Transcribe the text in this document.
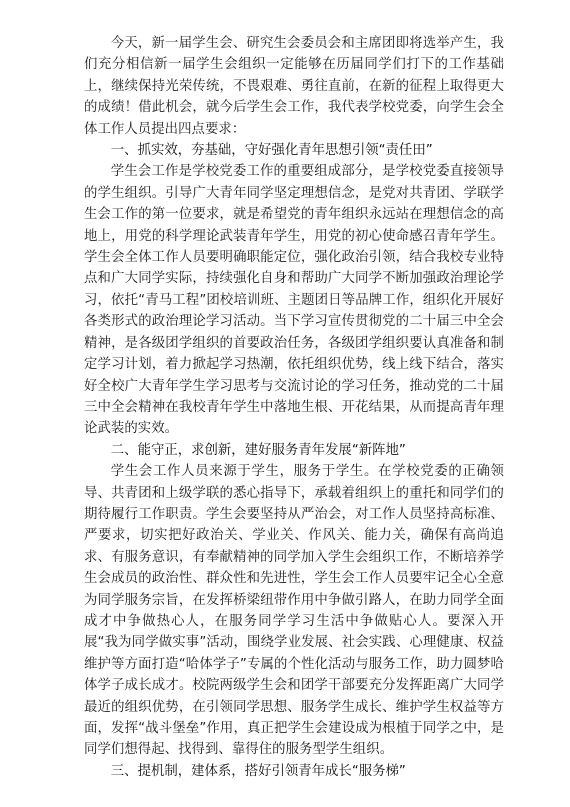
今天，新一届学生会、研究生会委员会和主席团即将选举产生，我们充分相信新一届学生会组织一定能够在历届同学们打下的工作基础上，继续保持光荣传统，不畏艰难、勇往直前，在新的征程上取得更大的成绩！借此机会，就今后学生会工作，我代表学校党委，向学生会全体工作人员提出四点要求：

一、抓实效，夯基础，守好强化青年思想引领“责任田”

学生会工作是学校党委工作的重要组成部分，是学校党委直接领导的学生组织。引导广大青年同学坚定理想信念，是党对共青团、学联学生会工作的第一位要求，就是希望党的青年组织永远站在理想信念的高地上，用党的科学理论武装青年学生，用党的初心使命感召青年学生。学生会全体工作人员要明确职能定位，强化政治引领，结合我校专业特点和广大同学实际，持续强化自身和帮助广大同学不断加强政治理论学习，依托“青马工程”团校培训班、主题团日等品牌工作，组织化开展好各类形式的政治理论学习活动。当下学习宣传贯彻党的二十届三中全会精神，是各级团学组织的首要政治任务，各级团学组织要认真准备和制定学习计划，着力掀起学习热潮，依托组织优势，线上线下结合，落实好全校广大青年学生学习思考与交流讨论的学习任务，推动党的二十届三中全会精神在我校青年学生中落地生根、开花结果，从而提高青年理论武装的实效。

二、能守正，求创新，建好服务青年发展“新阵地”

学生会工作人员来源于学生，服务于学生。在学校党委的正确领导、共青团和上级学联的悉心指导下，承载着组织上的重托和同学们的期待履行工作职责。学生会要坚持从严治会，对工作人员坚持高标准、严要求，切实把好政治关、学业关、作风关、能力关，确保有高尚追求、有服务意识，有奉献精神的同学加入学生会组织工作，不断培养学生会成员的政治性、群众性和先进性，学生会工作人员要牢记全心全意为同学服务宗旨，在发挥桥梁纽带作用中争做引路人，在助力同学全面成才中争做热心人，在服务同学学习生活中争做贴心人。要深入开展“我为同学做实事”活动，围绕学业发展、社会实践、心理健康、权益维护等方面打造“哈体学子”专属的个性化活动与服务工作，助力圆梦哈体学子成长成才。校院两级学生会和团学干部要充分发挥距离广大同学最近的组织优势，在引领同学思想、服务学生成长、维护学生权益等方面，发挥“战斗堡垒”作用，真正把学生会建设成为根植于同学之中，是同学们想得起、找得到、靠得住的服务型学生组织。

三、提机制，建体系，搭好引领青年成长“服务梯”
